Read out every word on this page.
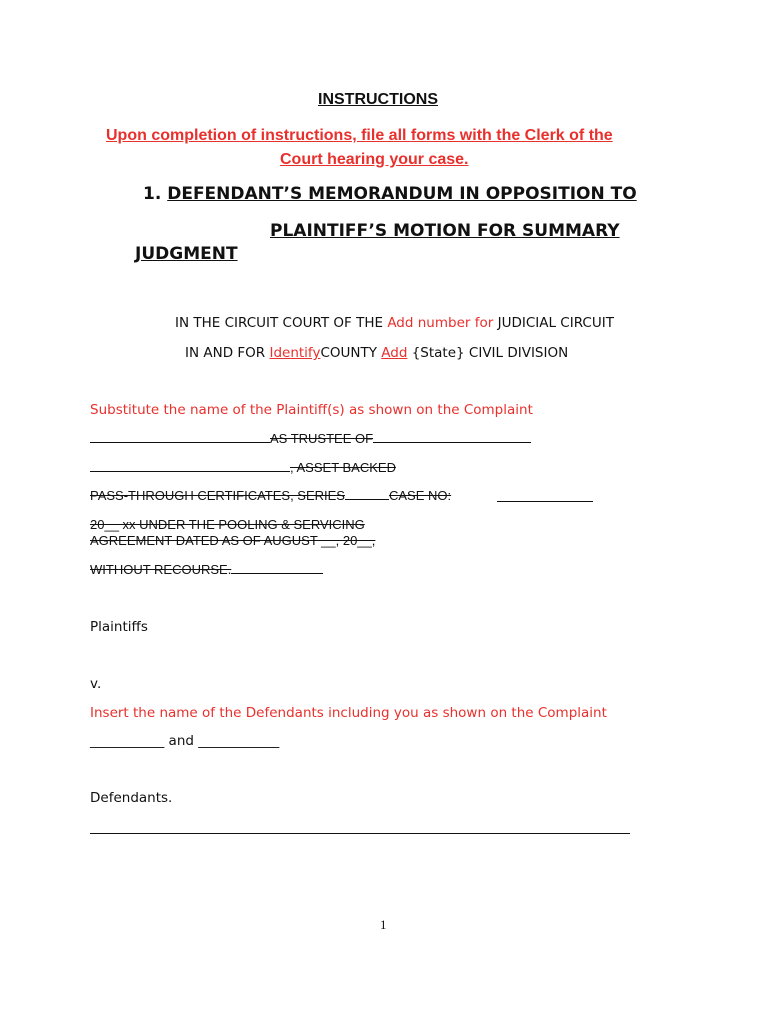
INSTRUCTIONS
Upon completion of instructions, file all forms with the Clerk of the
Court hearing your case.
1. DEFENDANT’S MEMORANDUM IN OPPOSITION TO
PLAINTIFF’S MOTION FOR SUMMARY
JUDGMENT
IN THE CIRCUIT COURT OF THE Add number for JUDICIAL CIRCUIT
IN AND FOR IdentifyCOUNTY Add {State} CIVIL DIVISION
Substitute the name of the Plaintiff(s) as shown on the Complaint
AS TRUSTEE OF
, ASSET BACKED
PASS-THROUGH CERTIFICATES, SERIES	CASE NO:
20__ xx UNDER THE POOLING & SERVICING
AGREEMENT DATED AS OF AUGUST __, 20__,
WITHOUT RECOURSE.
Plaintiffs
v.
Insert the name of the Defendants including you as shown on the Complaint
___________ and ____________
Defendants.
1
